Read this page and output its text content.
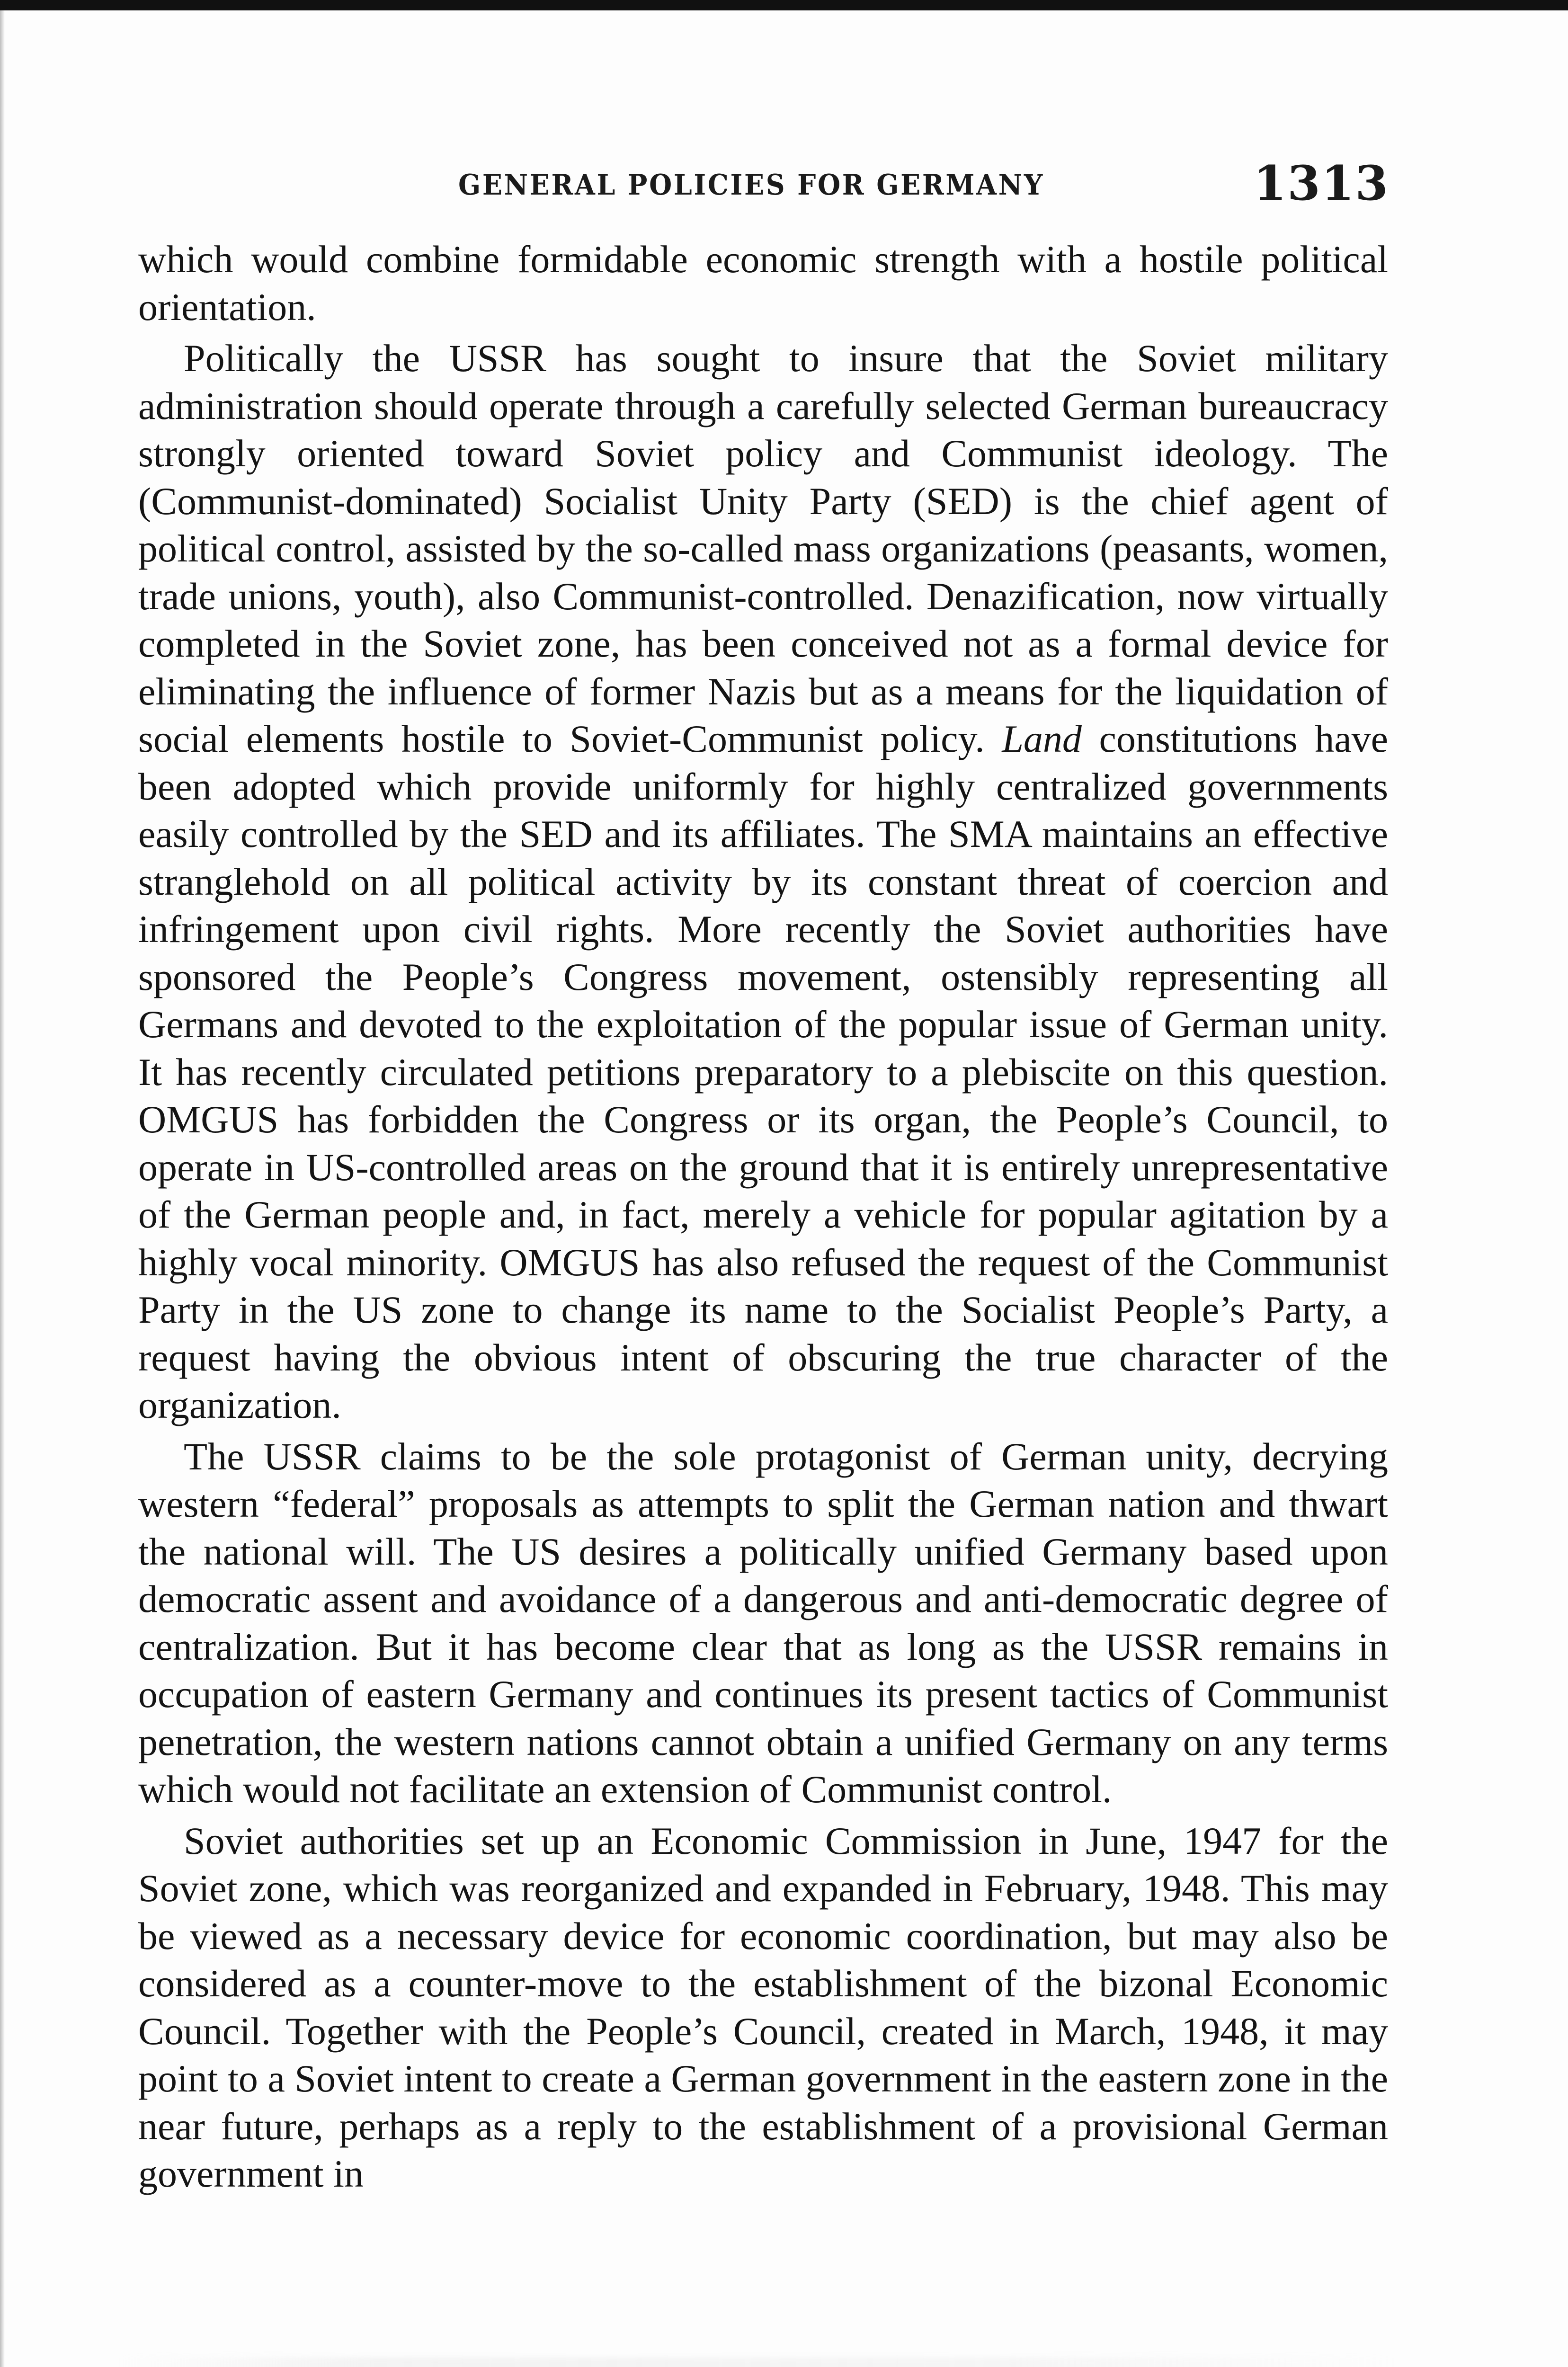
GENERAL POLICIES FOR GERMANY	1313

which would combine formidable economic strength with a hostile political orientation.

Politically the USSR has sought to insure that the Soviet military administration should operate through a carefully selected German bureaucracy strongly oriented toward Soviet policy and Communist ideology. The (Communist-dominated) Socialist Unity Party (SED) is the chief agent of political control, assisted by the so-called mass organizations (peasants, women, trade unions, youth), also Communist-controlled. Denazification, now virtually completed in the Soviet zone, has been conceived not as a formal device for eliminating the influence of former Nazis but as a means for the liquidation of social elements hostile to Soviet-Communist policy. Land constitutions have been adopted which provide uniformly for highly centralized governments easily controlled by the SED and its affiliates. The SMA maintains an effective stranglehold on all political activity by its constant threat of coercion and infringement upon civil rights. More recently the Soviet authorities have sponsored the People’s Congress movement, ostensibly representing all Germans and devoted to the exploitation of the popular issue of German unity. It has recently circulated petitions preparatory to a plebiscite on this question. OMGUS has forbidden the Congress or its organ, the People’s Council, to operate in US-controlled areas on the ground that it is entirely unrepresentative of the German people and, in fact, merely a vehicle for popular agitation by a highly vocal minority. OMGUS has also refused the request of the Communist Party in the US zone to change its name to the Socialist People’s Party, a request having the obvious intent of obscuring the true character of the organization.

The USSR claims to be the sole protagonist of German unity, decrying western “federal” proposals as attempts to split the German nation and thwart the national will. The US desires a politically unified Germany based upon democratic assent and avoidance of a dangerous and anti-democratic degree of centralization. But it has become clear that as long as the USSR remains in occupation of eastern Germany and continues its present tactics of Communist penetration, the western nations cannot obtain a unified Germany on any terms which would not facilitate an extension of Communist control.

Soviet authorities set up an Economic Commission in June, 1947 for the Soviet zone, which was reorganized and expanded in February, 1948. This may be viewed as a necessary device for economic coordination, but may also be considered as a counter-move to the establishment of the bizonal Economic Council. Together with the People’s Council, created in March, 1948, it may point to a Soviet intent to create a German government in the eastern zone in the near future, perhaps as a reply to the establishment of a provisional German government in
